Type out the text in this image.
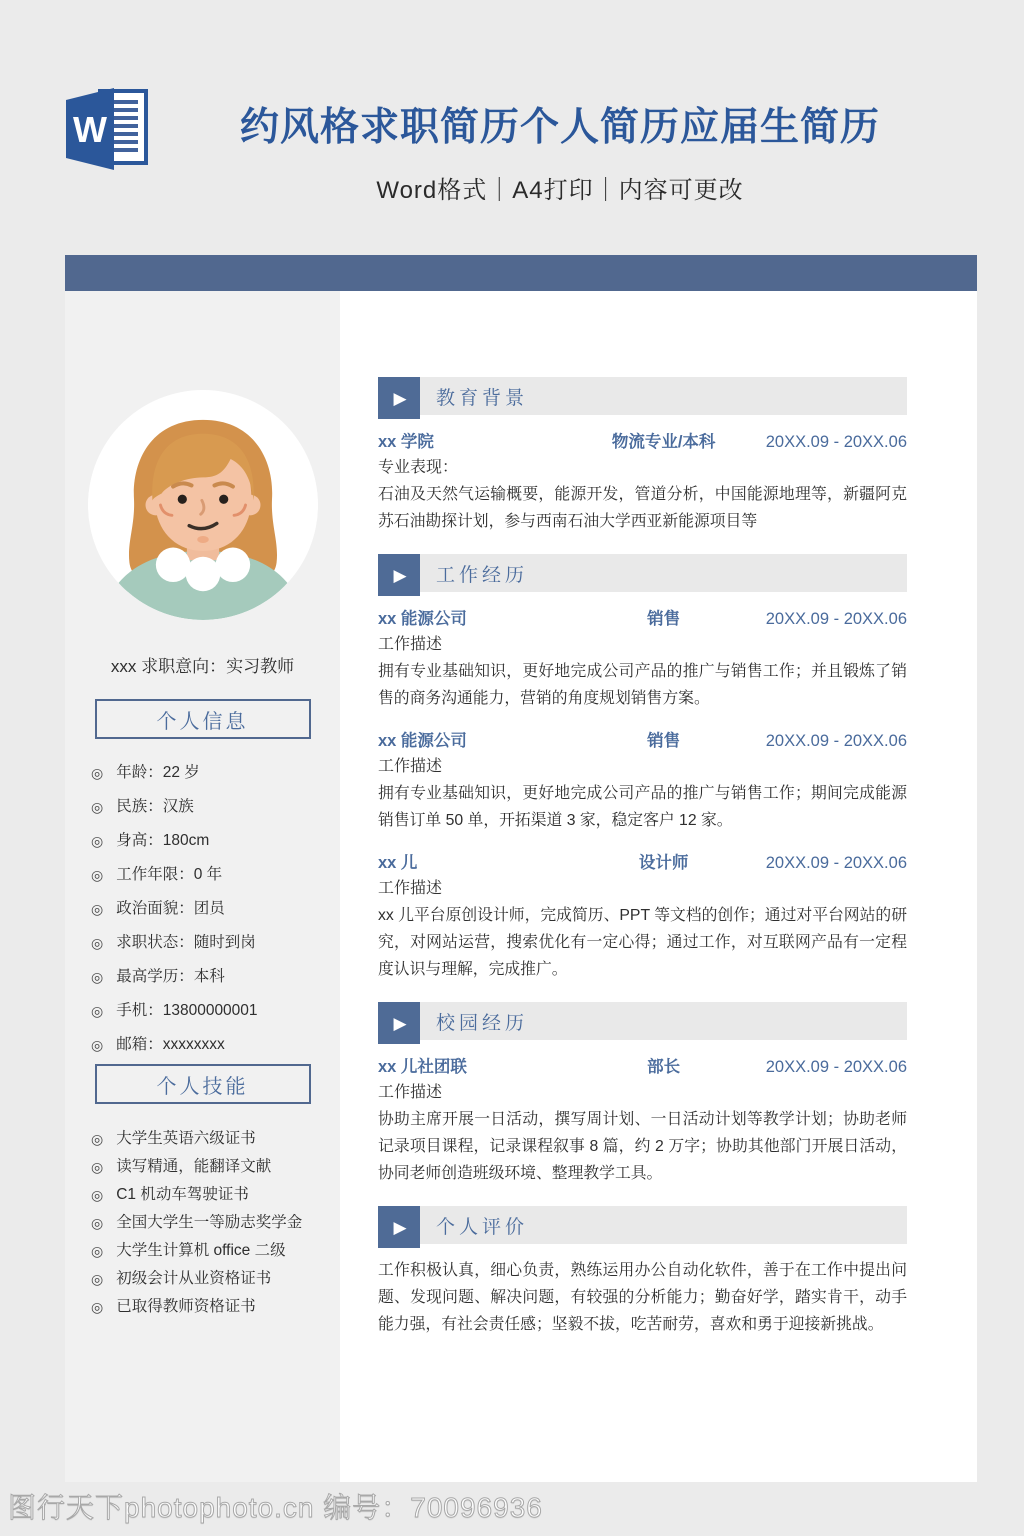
W	约风格求职简历个人简历应届生简历
Word格式｜A4打印｜内容可更改
xxx 求职意向：实习教师
个人信息
◎ 年龄：22 岁
◎ 民族：汉族
◎ 身高：180cm
◎ 工作年限：0 年
◎ 政治面貌：团员
◎ 求职状态：随时到岗
◎ 最高学历：本科
◎ 手机：13800000001
◎ 邮箱：xxxxxxxx
个人技能
◎ 大学生英语六级证书
◎ 读写精通，能翻译文献
◎ C1 机动车驾驶证书
◎ 全国大学生一等励志奖学金
◎ 大学生计算机 office 二级
◎ 初级会计从业资格证书
◎ 已取得教师资格证书
▶ 教育背景
xx 学院	物流专业/本科	20XX.09 - 20XX.06
专业表现：
石油及天然气运输概要，能源开发，管道分析，中国能源地理等，新疆阿克苏石油勘探计划，参与西南石油大学西亚新能源项目等
▶ 工作经历
xx 能源公司	销售	20XX.09 - 20XX.06
工作描述
拥有专业基础知识，更好地完成公司产品的推广与销售工作；并且锻炼了销售的商务沟通能力，营销的角度规划销售方案。
xx 能源公司	销售	20XX.09 - 20XX.06
工作描述
拥有专业基础知识，更好地完成公司产品的推广与销售工作；期间完成能源销售订单 50 单，开拓渠道 3 家，稳定客户 12 家。
xx 儿	设计师	20XX.09 - 20XX.06
工作描述
xx 儿平台原创设计师，完成简历、PPT 等文档的创作；通过对平台网站的研究，对网站运营，搜索优化有一定心得；通过工作，对互联网产品有一定程度认识与理解，完成推广。
▶ 校园经历
xx 儿社团联	部长	20XX.09 - 20XX.06
工作描述
协助主席开展一日活动，撰写周计划、一日活动计划等教学计划；协助老师记录项目课程，记录课程叙事 8 篇，约 2 万字；协助其他部门开展日活动，协同老师创造班级环境、整理教学工具。
▶ 个人评价
工作积极认真，细心负责，熟练运用办公自动化软件，善于在工作中提出问题、发现问题、解决问题，有较强的分析能力；勤奋好学，踏实肯干，动手能力强，有社会责任感；坚毅不拔，吃苦耐劳，喜欢和勇于迎接新挑战。
图行天下photophoto.cn 编号：70096936
